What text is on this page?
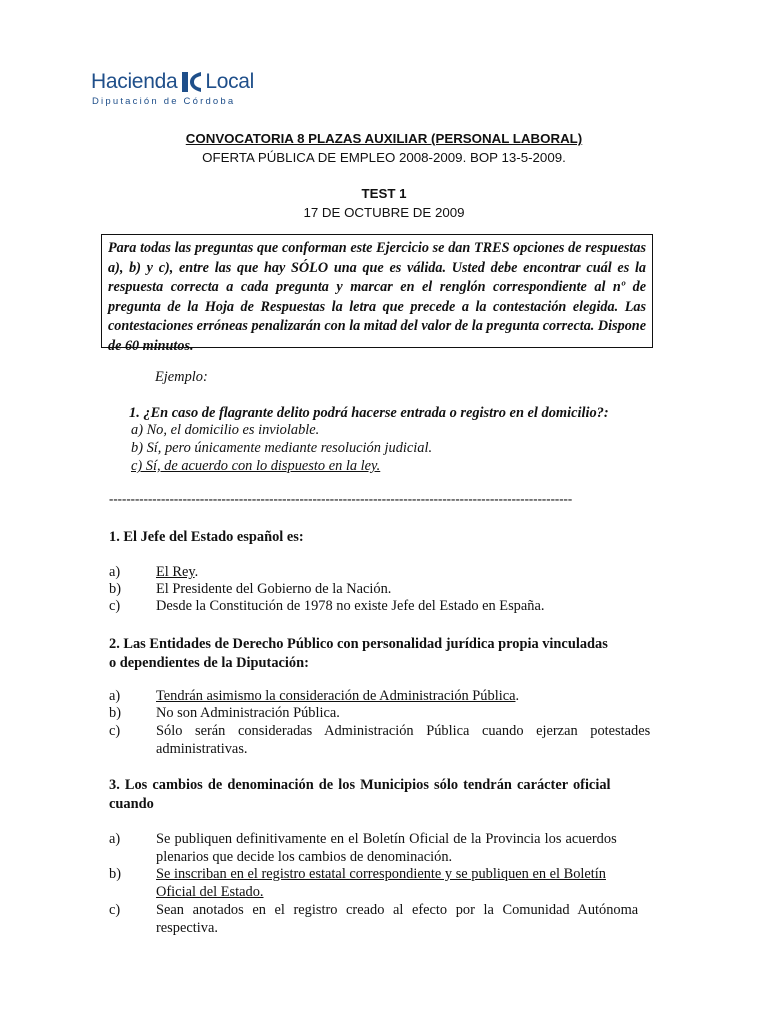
Hacienda Local
Diputación de Córdoba
CONVOCATORIA 8 PLAZAS AUXILIAR (PERSONAL LABORAL)
OFERTA PÚBLICA DE EMPLEO 2008-2009. BOP 13-5-2009.
TEST 1
17 DE OCTUBRE DE 2009
Para todas las preguntas que conforman este Ejercicio se dan TRES opciones de respuestas a), b) y c), entre las que hay SÓLO una que es válida. Usted debe encontrar cuál es la respuesta correcta a cada pregunta y marcar en el renglón correspondiente al nº de pregunta de la Hoja de Respuestas la letra que precede a la contestación elegida. Las contestaciones erróneas penalizarán con la mitad del valor de la pregunta correcta. Dispone de 60 minutos.
Ejemplo:
1. ¿En caso de flagrante delito podrá hacerse entrada o registro en el domicilio?:
a) No, el domicilio es inviolable.
b) Sí, pero únicamente mediante resolución judicial.
c) Sí, de acuerdo con lo dispuesto en la ley.
-----------------------------------------------------------------------------------------------------------
1. El Jefe del Estado español es:
a) El Rey.
b) El Presidente del Gobierno de la Nación.
c) Desde la Constitución de 1978 no existe Jefe del Estado en España.
2. Las Entidades de Derecho Público con personalidad jurídica propia vinculadas
o dependientes de la Diputación:
a) Tendrán asimismo la consideración de Administración Pública.
b) No son Administración Pública.
c) Sólo serán consideradas Administración Pública cuando ejerzan potestades
administrativas.
3. Los cambios de denominación de los Municipios sólo tendrán carácter oficial
cuando
a) Se publiquen definitivamente en el Boletín Oficial de la Provincia los acuerdos
plenarios que decide los cambios de denominación.
b) Se inscriban en el registro estatal correspondiente y se publiquen en el Boletín
Oficial del Estado.
c) Sean anotados en el registro creado al efecto por la Comunidad Autónoma
respectiva.
